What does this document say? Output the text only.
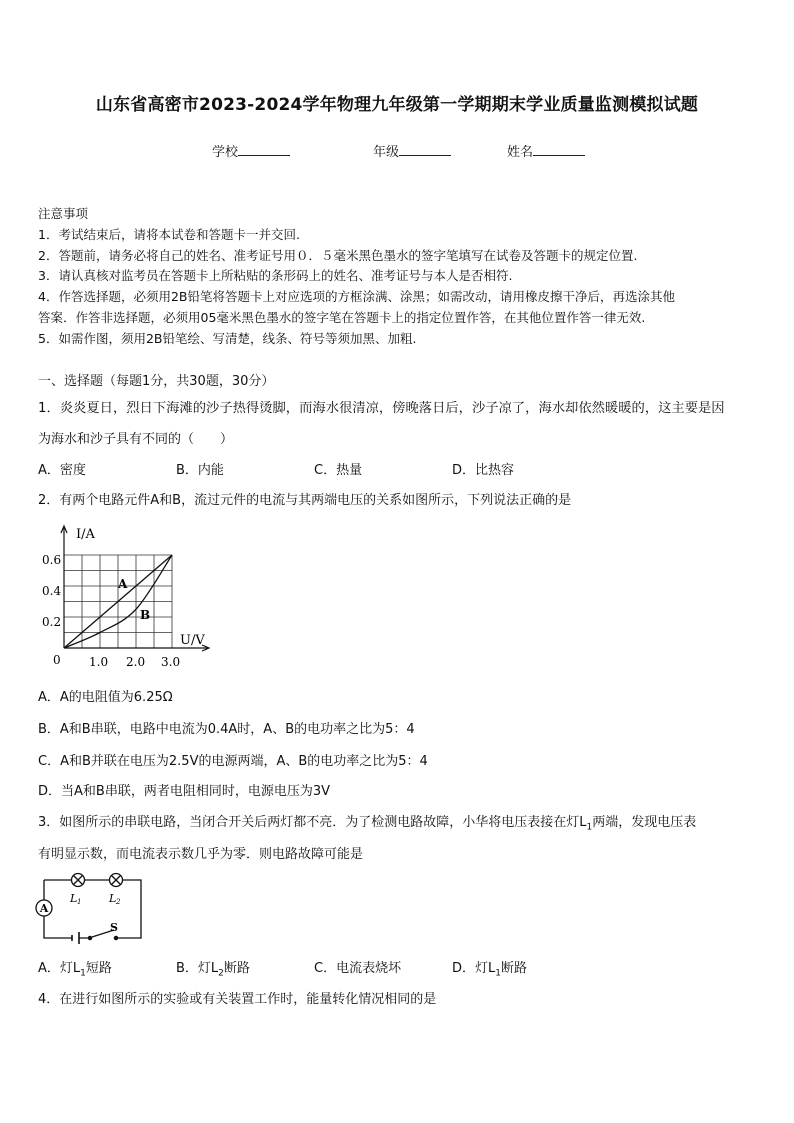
山东省高密市2023-2024学年物理九年级第一学期期末学业质量监测模拟试题
学校	年级	姓名
注意事项
1．考试结束后，请将本试卷和答题卡一并交回.
2．答题前，请务必将自己的姓名、准考证号用０．５毫米黑色墨水的签字笔填写在试卷及答题卡的规定位置.
3．请认真核对监考员在答题卡上所粘贴的条形码上的姓名、准考证号与本人是否相符.
4．作答选择题，必须用2B铅笔将答题卡上对应选项的方框涂满、涂黑；如需改动，请用橡皮擦干净后，再选涂其他
答案．作答非选择题，必须用05毫米黑色墨水的签字笔在答题卡上的指定位置作答，在其他位置作答一律无效.
5．如需作图，须用2B铅笔绘、写清楚，线条、符号等须加黑、加粗.
一、选择题（每题1分，共30题，30分）
1．炎炎夏日，烈日下海滩的沙子热得烫脚，而海水很清凉，傍晚落日后，沙子凉了，海水却依然暖暖的，这主要是因
为海水和沙子具有不同的（　　）
A．密度	B．内能	C．热量	D．比热容
2．有两个电路元件A和B，流过元件的电流与其两端电压的关系如图所示，下列说法正确的是
I/A
U/V
0
0.2
0.4
0.6
1.0 2.0 3.0
A
B
A．A的电阻值为6.25Ω
B．A和B串联，电路中电流为0.4A时，A、B的电功率之比为5：4
C．A和B并联在电压为2.5V的电源两端，A、B的电功率之比为5：4
D．当A和B串联，两者电阻相同时，电源电压为3V
3．如图所示的串联电路，当闭合开关后两灯都不亮．为了检测电路故障，小华将电压表接在灯$L_1$两端，发现电压表
有明显示数，而电流表示数几乎为零．则电路故障可能是
A
L 1	L 2
S
A．灯$L_1$短路	B．灯$L_2$断路	C．电流表烧坏	D．灯$L_1$断路
4．在进行如图所示的实验或有关装置工作时，能量转化情况相同的是
